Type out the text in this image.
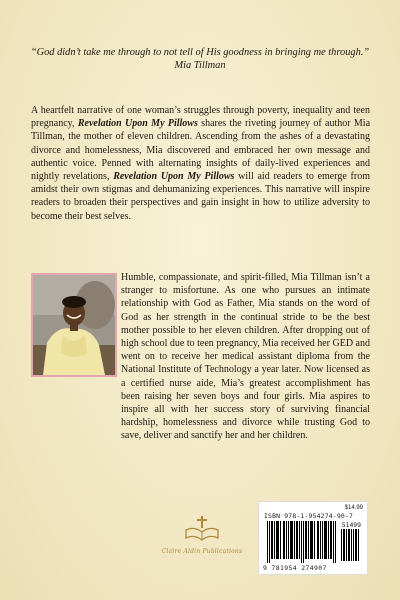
“God didn’t take me through to not tell of His goodness in bringing me through.”
Mia Tillman
A heartfelt narrative of one woman’s struggles through poverty, inequality and teen pregnancy, Revelation Upon My Pillows shares the riveting journey of author Mia Tillman, the mother of eleven children. Ascending from the ashes of a devastating divorce and homelessness, Mia discovered and embraced her own message and authentic voice. Penned with alternating insights of daily-lived experiences and nightly revelations, Revelation Upon My Pillows will aid readers to emerge from amidst their own stigmas and dehumanizing experiences. This narrative will inspire readers to broaden their perspectives and gain insight in how to utilize adversity to become their best selves.
Humble, compassionate, and spirit-filled, Mia Tillman isn’t a stranger to misfortune. As one who pursues an intimate relationship with God as Father, Mia stands on the word of God as her strength in the continual stride to be the best mother possible to her eleven children. After dropping out of high school due to teen pregnancy, Mia received her GED and went on to receive her medical assistant diploma from the National Institute of Technology a year later. Now licensed as a certified nurse aide, Mia’s greatest accomplishment has been raising her seven boys and four girls. Mia aspires to inspire all with her success story of surviving financial hardship, homelessness and divorce while trusting God to save, deliver and sanctify her and her children.
Claire Aldin Publications
$14.99
ISBN 978-1-954274-90-7
51499
9 781954 274907
